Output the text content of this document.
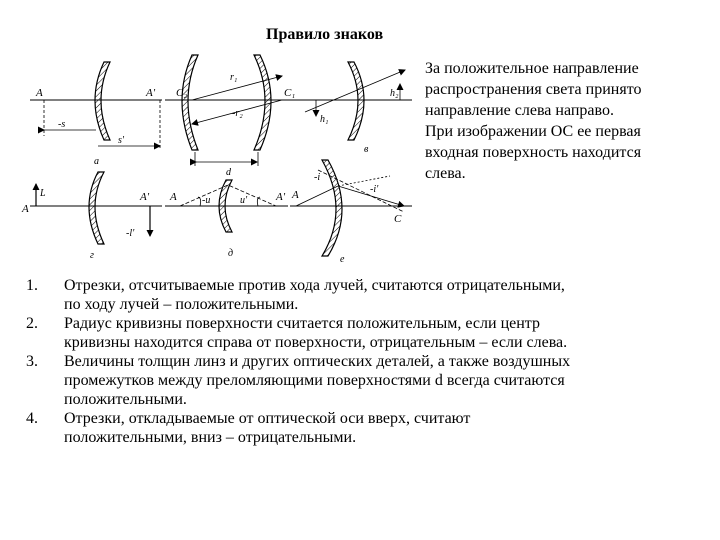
Правило знаков
За положительное направление
распространения света принято
направление слева направо.
При изображении ОС ее первая
входная поверхность находится
слева.
A	A'
-s
s'
а
C₂	C₁
r₁
-r₂
d
h₁
h₂
в
A
L	A'
-l'
г
A	A'
-u	u'
д
A
-i
-i'
C
е
1.	Отрезки, отсчитываемые против хода лучей, считаются отрицательными,
по ходу лучей – положительными.
2.	Радиус кривизны поверхности считается положительным, если центр
кривизны находится справа от поверхности, отрицательным – если слева.
3.	Величины толщин линз и других оптических деталей, а также воздушных
промежутков между преломляющими поверхностями d всегда считаются
положительными.
4.	Отрезки, откладываемые от оптической оси вверх, считают
положительными, вниз – отрицательными.
